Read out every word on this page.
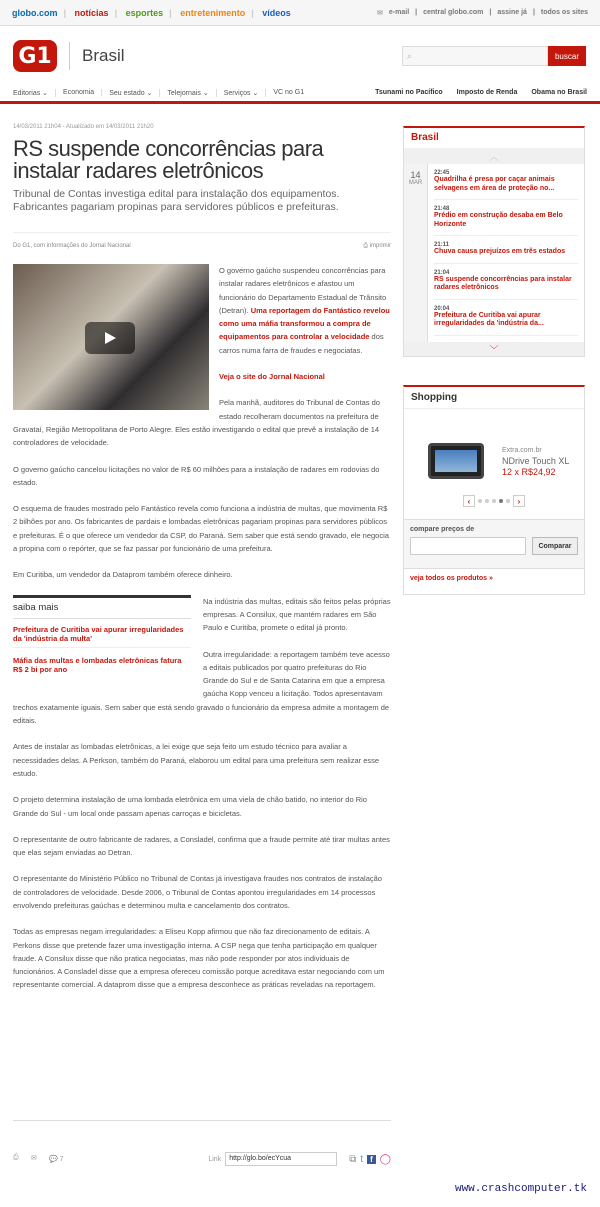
globo.com | notícias | esportes | entretenimento | vídeos	✉ e-mail | central globo.com | assine já | todos os sites
G1	Brasil	⌕	buscar
Editorias ⌄	Economia	Seu estado ⌄	Telejornais ⌄	Serviços ⌄	VC no G1	Tsunami no Pacífico Imposto de Renda Obama no Brasil
14/03/2011 21h04 - Atualizado em 14/03/2011 21h20
RS suspende concorrências para instalar radares eletrônicos
Tribunal de Contas investiga edital para instalação dos equipamentos. Fabricantes pagariam propinas para servidores públicos e prefeituras.
Do G1, com informações do Jornal Nacional	⎙ imprimir

O governo gaúcho suspendeu concorrências para instalar radares eletrônicos e afastou um funcionário do Departamento Estadual de Trânsito (Detran). Uma reportagem do Fantástico revelou como uma máfia transformou a compra de equipamentos para controlar a velocidade dos carros numa farra de fraudes e negociatas.

Veja o site do Jornal Nacional

Pela manhã, auditores do Tribunal de Contas do estado recolheram documentos na prefeitura de Gravataí, Região Metropolitana de Porto Alegre. Eles estão investigando o edital que prevê a instalação de 14 controladores de velocidade.

O governo gaúcho cancelou licitações no valor de R$ 60 milhões para a instalação de radares em rodovias do estado.

O esquema de fraudes mostrado pelo Fantástico revela como funciona a indústria de multas, que movimenta R$ 2 bilhões por ano. Os fabricantes de pardais e lombadas eletrônicas pagariam propinas para servidores públicos e prefeituras. É o que oferece um vendedor da CSP, do Paraná. Sem saber que está sendo gravado, ele negocia a propina com o repórter, que se faz passar por funcionário de uma prefeitura.

Em Curitiba, um vendedor da Dataprom também oferece dinheiro.

saiba mais
Prefeitura de Curitiba vai apurar irregularidades da 'indústria da multa'
Máfia das multas e lombadas eletrônicas fatura R$ 2 bi por ano

Na indústria das multas, editais são feitos pelas próprias empresas. A Consilux, que mantém radares em São Paulo e Curitiba, promete o edital já pronto.

Outra irregularidade: a reportagem também teve acesso a editais publicados por quatro prefeituras do Rio Grande do Sul e de Santa Catarina em que a empresa gaúcha Kopp venceu a licitação. Todos apresentavam trechos exatamente iguais. Sem saber que está sendo gravado o funcionário da empresa admite a montagem de editais.

Antes de instalar as lombadas eletrônicas, a lei exige que seja feito um estudo técnico para avaliar a necessidades delas. A Perkson, também do Paraná, elaborou um edital para uma prefeitura sem realizar esse estudo.

O projeto determina instalação de uma lombada eletrônica em uma viela de chão batido, no interior do Rio Grande do Sul - um local onde passam apenas carroças e bicicletas.

O representante de outro fabricante de radares, a Consladel, confirma que a fraude permite até tirar multas antes que elas sejam enviadas ao Detran.

O representante do Ministério Público no Tribunal de Contas já investigava fraudes nos contratos de instalação de controladores de velocidade. Desde 2006, o Tribunal de Contas apontou irregularidades em 14 processos envolvendo prefeituras gaúchas e determinou multa e cancelamento dos contratos.

Todas as empresas negam irregularidades: a Eliseu Kopp afirmou que não faz direcionamento de editais. A Perkons disse que pretende fazer uma investigação interna. A CSP nega que tenha participação em qualquer fraude. A Consilux disse que não pratica negociatas, mas não pode responder por atos individuais de funcionários. A Consladel disse que a empresa ofereceu comissão porque acreditava estar negociando com um representante comercial. A dataprom disse que a empresa desconhece as práticas reveladas na reportagem.

⎙	✉	💬 7	Link	http://glo.bo/ecYcua	⧉ t f ◯
Brasil
︿
14
MAR
22:45
Quadrilha é presa por caçar animais selvagens em área de proteção no...
21:48
Prédio em construção desaba em Belo Horizonte
21:11
Chuva causa prejuízos em três estados
21:04
RS suspende concorrências para instalar radares eletrônicos
20:04
Prefeitura de Curitiba vai apurar irregularidades da 'indústria da...
﹀
Shopping
Extra.com.br
NDrive Touch XL
12 x R$24,92
‹	›
compare preços de
Comparar
veja todos os produtos »
www.crashcomputer.tk
